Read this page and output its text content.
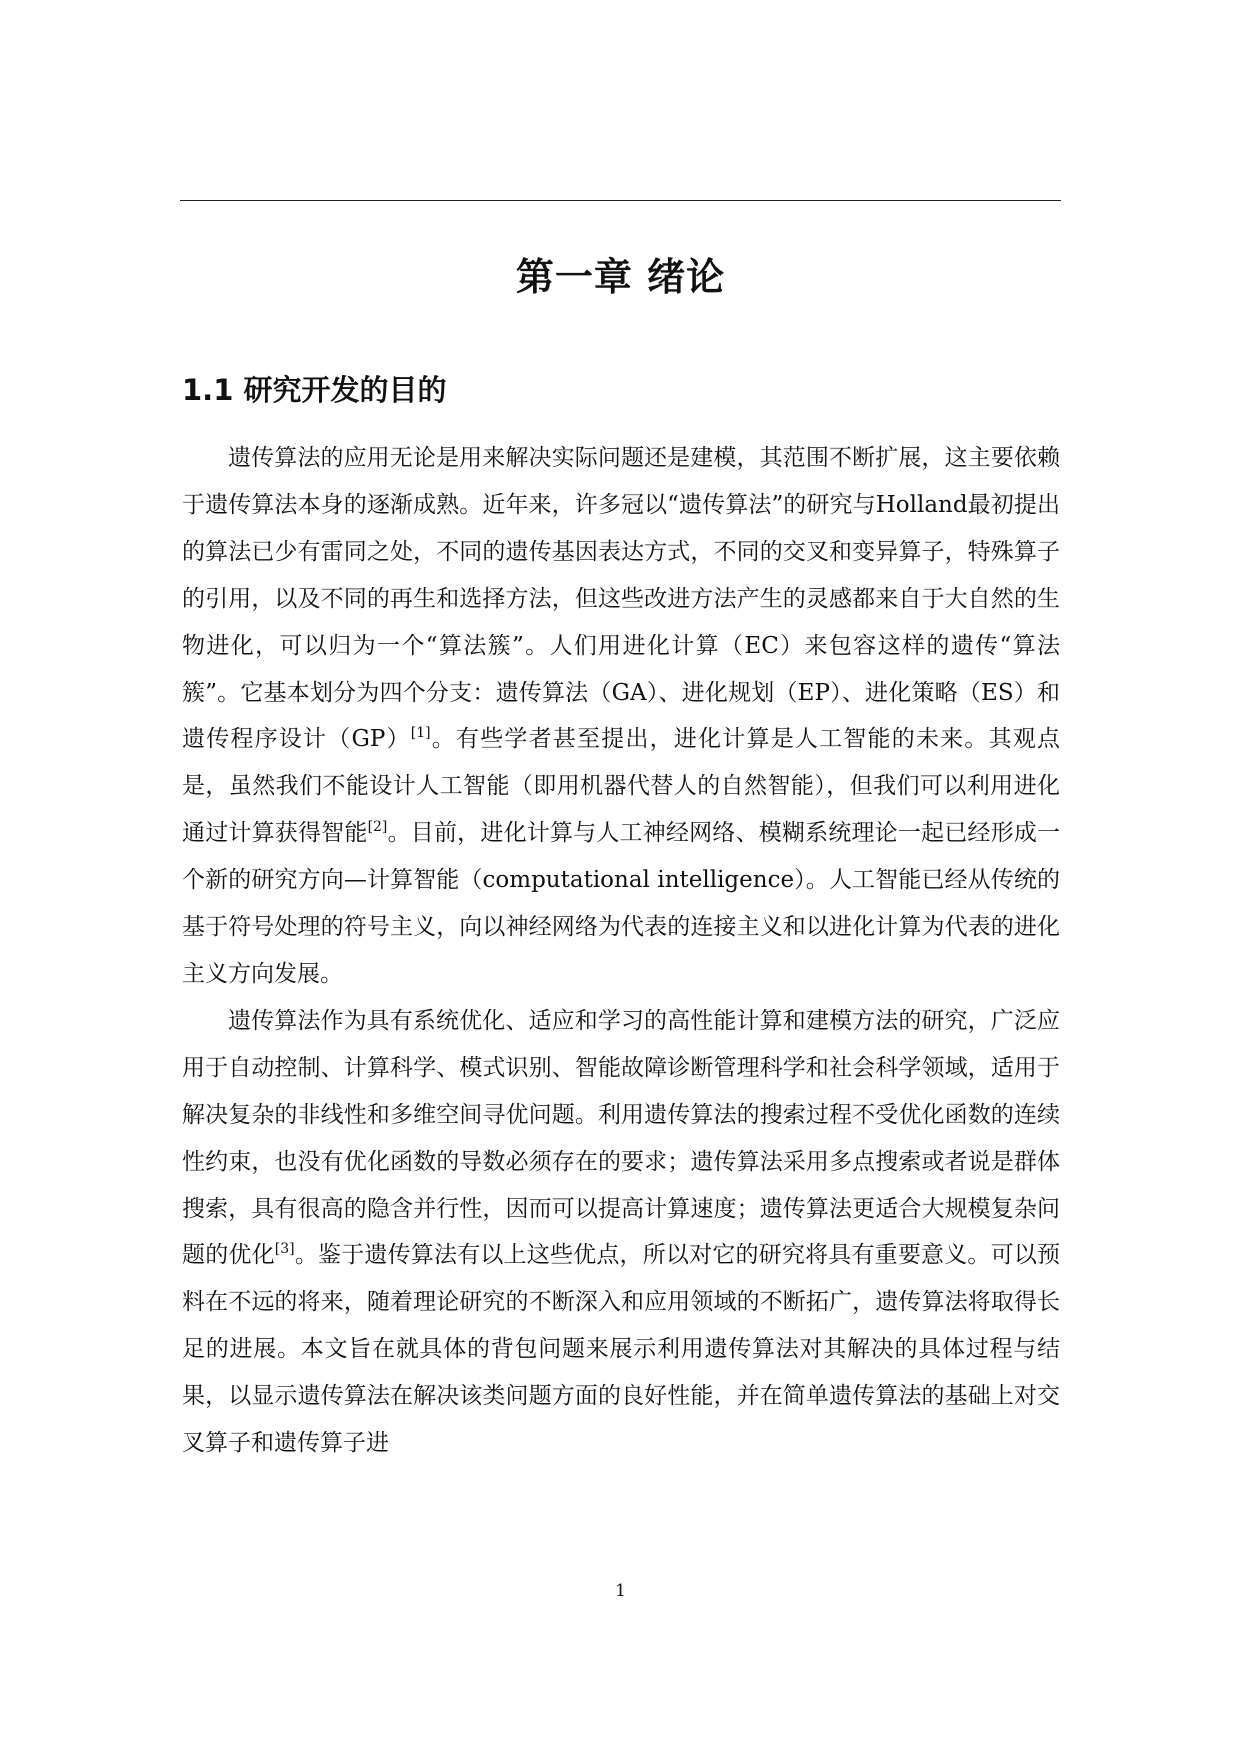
第一章 绪论
1.1 研究开发的目的

遗传算法的应用无论是用来解决实际问题还是建模，其范围不断扩展，这主要依赖于遗传算法本身的逐渐成熟。近年来，许多冠以“遗传算法”的研究与Holland最初提出的算法已少有雷同之处，不同的遗传基因表达方式，不同的交叉和变异算子，特殊算子的引用，以及不同的再生和选择方法，但这些改进方法产生的灵感都来自于大自然的生物进化，可以归为一个“算法簇”。人们用进化计算（EC）来包容这样的遗传“算法簇”。它基本划分为四个分支：遗传算法（GA）、进化规划（EP）、进化策略（ES）和遗传程序设计（GP）[1]。有些学者甚至提出，进化计算是人工智能的未来。其观点是，虽然我们不能设计人工智能（即用机器代替人的自然智能），但我们可以利用进化通过计算获得智能[2]。目前，进化计算与人工神经网络、模糊系统理论一起已经形成一个新的研究方向—计算智能（computational intelligence）。人工智能已经从传统的基于符号处理的符号主义，向以神经网络为代表的连接主义和以进化计算为代表的进化主义方向发展。

遗传算法作为具有系统优化、适应和学习的高性能计算和建模方法的研究，广泛应用于自动控制、计算科学、模式识别、智能故障诊断管理科学和社会科学领域，适用于解决复杂的非线性和多维空间寻优问题。利用遗传算法的搜索过程不受优化函数的连续性约束，也没有优化函数的导数必须存在的要求；遗传算法采用多点搜索或者说是群体搜索，具有很高的隐含并行性，因而可以提高计算速度；遗传算法更适合大规模复杂问题的优化[3]。鉴于遗传算法有以上这些优点，所以对它的研究将具有重要意义。可以预料在不远的将来，随着理论研究的不断深入和应用领域的不断拓广，遗传算法将取得长足的进展。本文旨在就具体的背包问题来展示利用遗传算法对其解决的具体过程与结果，以显示遗传算法在解决该类问题方面的良好性能，并在简单遗传算法的基础上对交叉算子和遗传算子进

1
